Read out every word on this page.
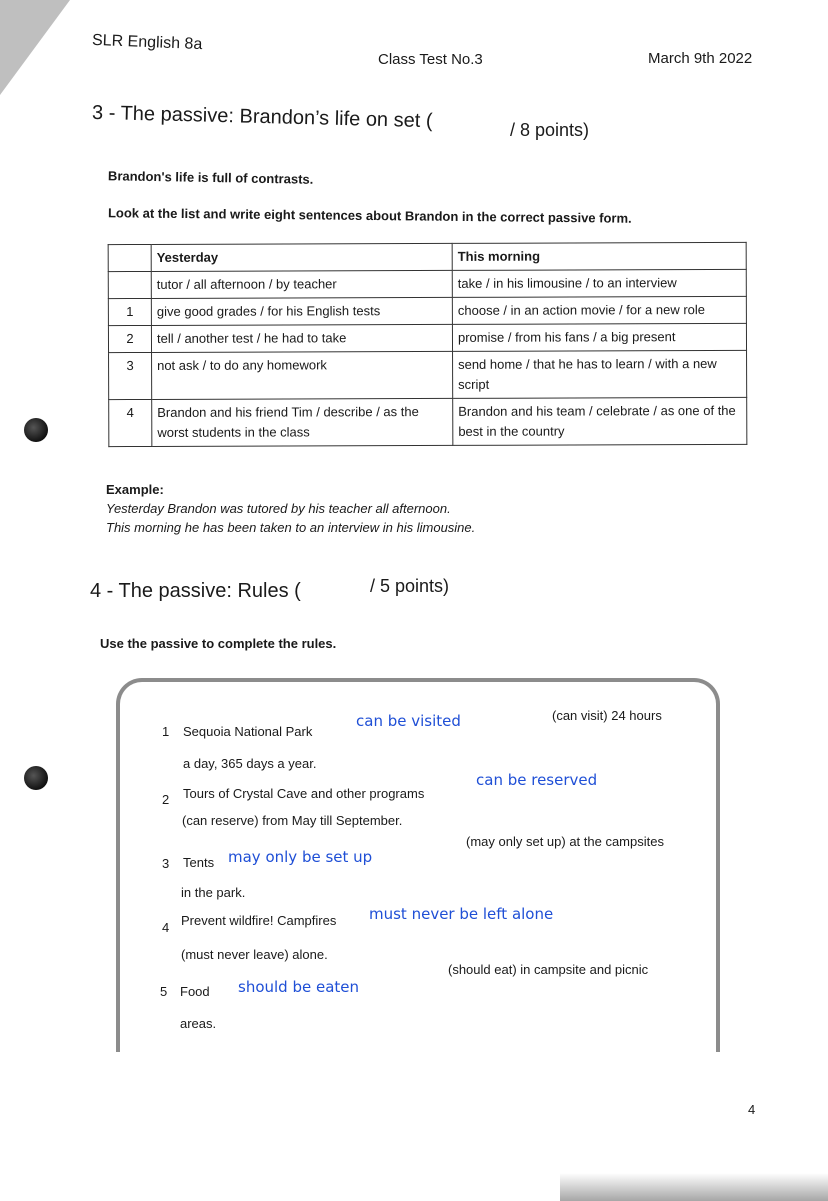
SLR English 8a
Class Test No.3	March 9th 2022
3 - The passive: Brandon’s life on set (	/ 8 points)
Brandon's life is full of contrasts.
Look at the list and write eight sentences about Brandon in the correct passive form.
	Yesterday	This morning
	tutor / all afternoon / by teacher	take / in his limousine / to an interview
1	give good grades / for his English tests	choose / in an action movie / for a new role
2	tell / another test / he had to take	promise / from his fans / a big present
3	not ask / to do any homework	send home / that he has to learn / with a new script
4	Brandon and his friend Tim / describe / as the worst students in the class	Brandon and his team / celebrate / as one of the best in the country
Example:
Yesterday Brandon was tutored by his teacher all afternoon.
This morning he has been taken to an interview in his limousine.
4 - The passive: Rules (	/ 5 points)
Use the passive to complete the rules.
1 Sequoia National Park
can be visited	(can visit) 24 hours
a day, 365 days a year.
2 Tours of Crystal Cave and other programs
can be reserved
(can reserve) from May till September.
3 Tents may only be set up
(may only set up) at the campsites
in the park.
4 Prevent wildfire! Campfires must never be left alone
(must never leave) alone.
5 Food should be eaten
(should eat) in campsite and picnic
areas.
4
